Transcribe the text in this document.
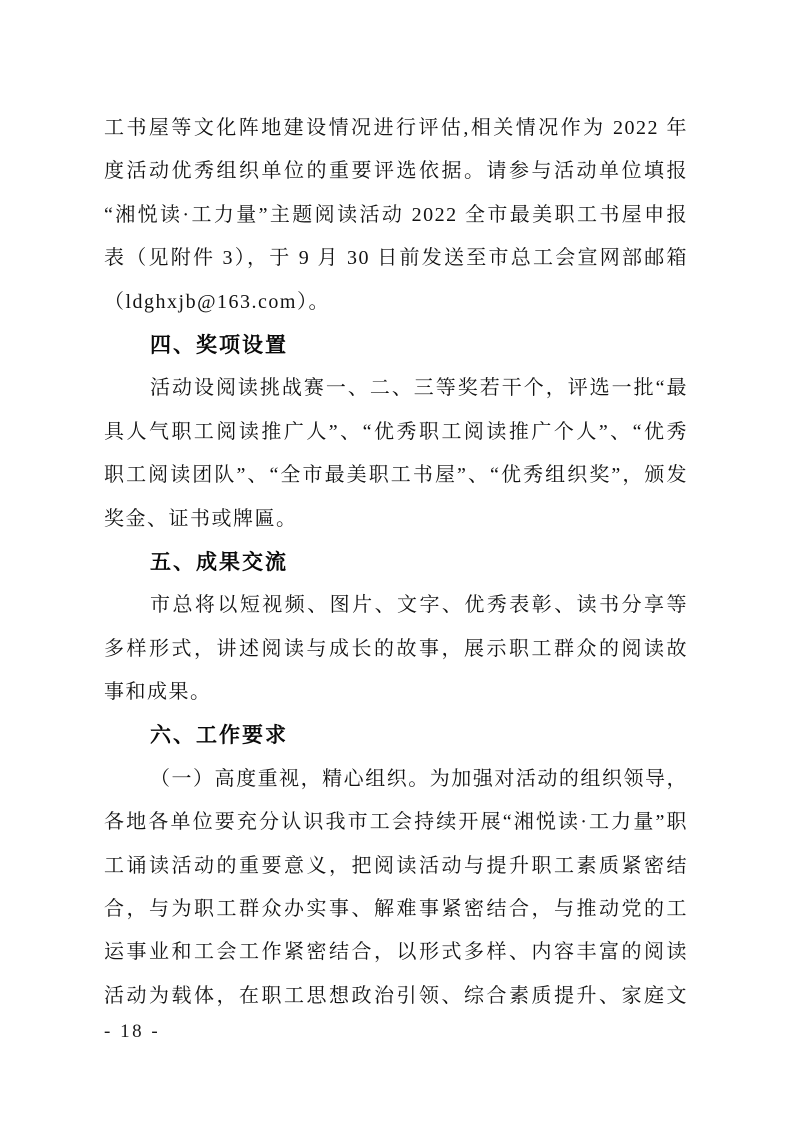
工书屋等文化阵地建设情况进行评估,相关情况作为 2022 年
度活动优秀组织单位的重要评选依据。请参与活动单位填报
“湘悦读·工力量”主题阅读活动 2022 全市最美职工书屋申报
表（见附件 3），于 9 月 30 日前发送至市总工会宣网部邮箱
（ldghxjb@163.com）。
四、奖项设置
活动设阅读挑战赛一、二、三等奖若干个，评选一批“最
具人气职工阅读推广人”、“优秀职工阅读推广个人”、“优秀
职工阅读团队”、“全市最美职工书屋”、“优秀组织奖”，颁发
奖金、证书或牌匾。
五、成果交流
市总将以短视频、图片、文字、优秀表彰、读书分享等
多样形式，讲述阅读与成长的故事，展示职工群众的阅读故
事和成果。
六、工作要求
（一）高度重视，精心组织。为加强对活动的组织领导，
各地各单位要充分认识我市工会持续开展“湘悦读·工力量”职
工诵读活动的重要意义，把阅读活动与提升职工素质紧密结
合，与为职工群众办实事、解难事紧密结合，与推动党的工
运事业和工会工作紧密结合，以形式多样、内容丰富的阅读
活动为载体，在职工思想政治引领、综合素质提升、家庭文
- 18 -
